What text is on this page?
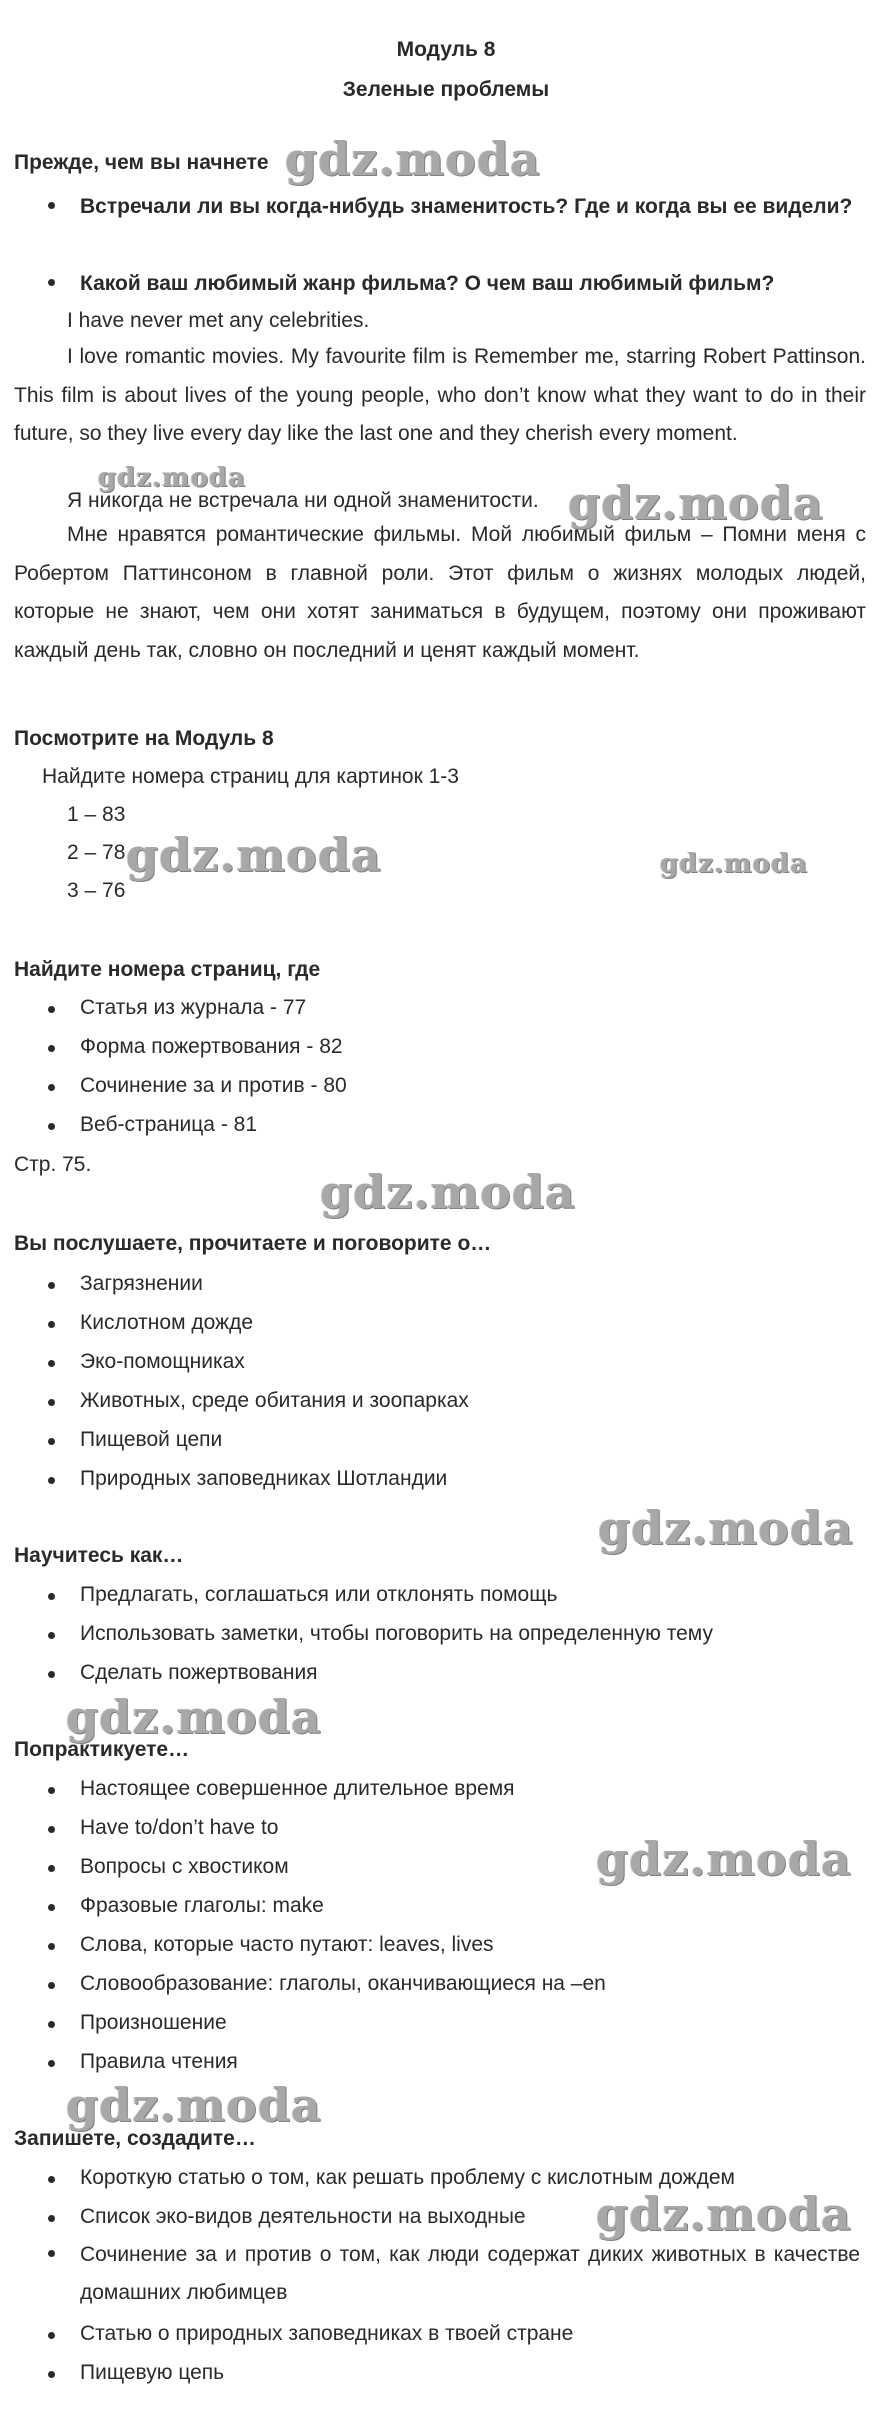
Модуль 8
Зеленые проблемы
Прежде, чем вы начнете
Встречали ли вы когда-нибудь знаменитость? Где и когда вы ее видели?
Какой ваш любимый жанр фильма? О чем ваш любимый фильм?
I have never met any celebrities.
I love romantic movies. My favourite film is Remember me, starring Robert Pattinson. This film is about lives of the young people, who don’t know what they want to do in their future, so they live every day like the last one and they cherish every moment.
Я никогда не встречала ни одной знаменитости.
Мне нравятся романтические фильмы. Мой любимый фильм – Помни меня с Робертом Паттинсоном в главной роли. Этот фильм о жизнях молодых людей, которые не знают, чем они хотят заниматься в будущем, поэтому они проживают каждый день так, словно он последний и ценят каждый момент.
Посмотрите на Модуль 8
Найдите номера страниц для картинок 1-3
1 – 83
2 – 78
3 – 76
Найдите номера страниц, где
Статья из журнала - 77
Форма пожертвования - 82
Сочинение за и против - 80
Веб-страница - 81
Стр. 75.
Вы послушаете, прочитаете и поговорите о…
Загрязнении
Кислотном дожде
Эко-помощниках
Животных, среде обитания и зоопарках
Пищевой цепи
Природных заповедниках Шотландии
Научитесь как…
Предлагать, соглашаться или отклонять помощь
Использовать заметки, чтобы поговорить на определенную тему
Сделать пожертвования
Попрактикуете…
Настоящее совершенное длительное время
Have to/don’t have to
Вопросы с хвостиком
Фразовые глаголы: make
Слова, которые часто путают: leaves, lives
Словообразование: глаголы, оканчивающиеся на –en
Произношение
Правила чтения
Запишете, создадите…
Короткую статью о том, как решать проблему с кислотным дождем
Список эко-видов деятельности на выходные
Сочинение за и против о том, как люди содержат диких животных в качестве домашних любимцев
Статью о природных заповедниках в твоей стране
Пищевую цепь
gdz.moda
gdz.moda	gdz.moda
gdz.moda	gdz.moda
gdz.moda
gdz.moda
gdz.moda
gdz.moda
gdz.moda
gdz.moda
